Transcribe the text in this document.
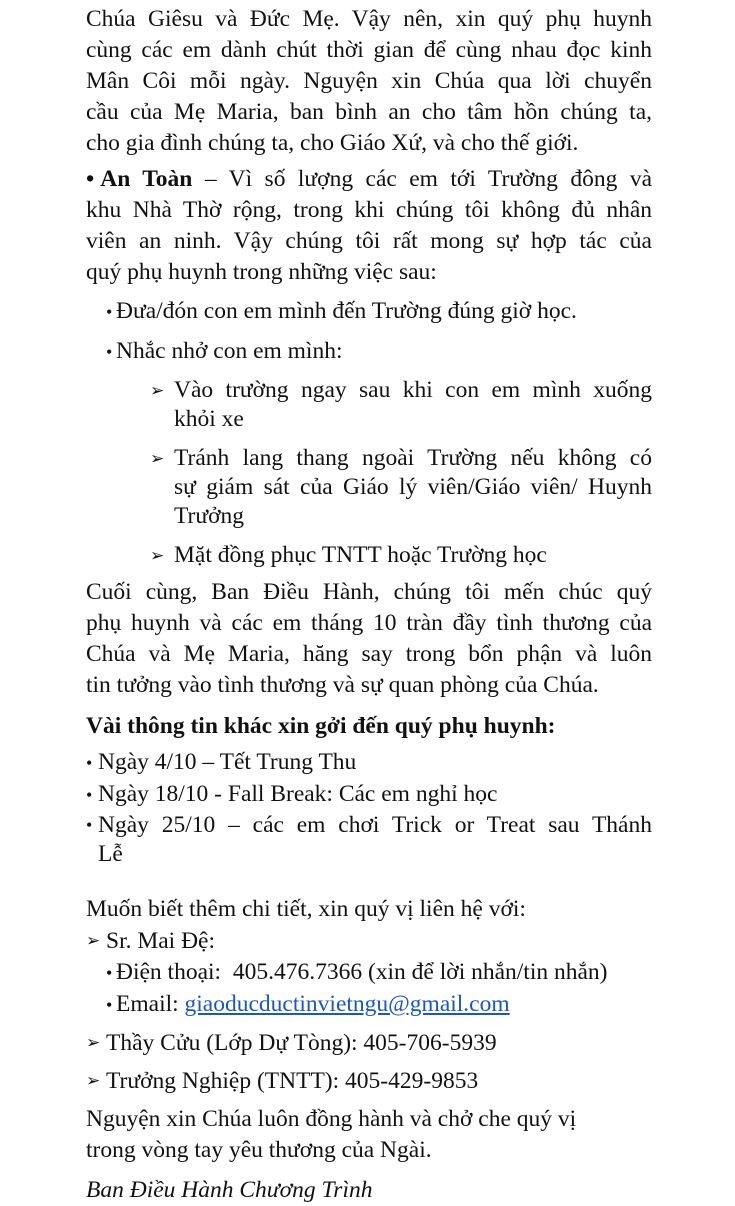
Chúa Giêsu và Đức Mẹ. Vậy nên, xin quý phụ huynh
cùng các em dành chút thời gian để cùng nhau đọc kinh
Mân Côi mỗi ngày. Nguyện xin Chúa qua lời chuyển
cầu của Mẹ Maria, ban bình an cho tâm hồn chúng ta,
cho gia đình chúng ta, cho Giáo Xứ, và cho thế giới.
• An Toàn – Vì số lượng các em tới Trường đông và
khu Nhà Thờ rộng, trong khi chúng tôi không đủ nhân
viên an ninh. Vậy chúng tôi rất mong sự hợp tác của
quý phụ huynh trong những việc sau:
• Đưa/đón con em mình đến Trường đúng giờ học.
• Nhắc nhở con em mình:
➢ Vào trường ngay sau khi con em mình xuống
khỏi xe
➢ Tránh lang thang ngoài Trường nếu không có
sự giám sát của Giáo lý viên/Giáo viên/ Huynh
Trưởng
➢ Mặt đồng phục TNTT hoặc Trường học
Cuối cùng, Ban Điều Hành, chúng tôi mến chúc quý
phụ huynh và các em tháng 10 tràn đầy tình thương của
Chúa và Mẹ Maria, hăng say trong bổn phận và luôn
tin tưởng vào tình thương và sự quan phòng của Chúa.
Vài thông tin khác xin gởi đến quý phụ huynh:
• Ngày 4/10 – Tết Trung Thu
• Ngày 18/10 - Fall Break: Các em nghỉ học
• Ngày 25/10 – các em chơi Trick or Treat sau Thánh
Lễ
Muốn biết thêm chi tiết, xin quý vị liên hệ với:
➢ Sr. Mai Đệ:
• Điện thoại: 405.476.7366 (xin để lời nhắn/tin nhắn)
• Email: giaoducductinvietngu@gmail.com
➢ Thầy Cửu (Lớp Dự Tòng): 405-706-5939
➢ Trưởng Nghiệp (TNTT): 405-429-9853
Nguyện xin Chúa luôn đồng hành và chở che quý vị
trong vòng tay yêu thương của Ngài.
Ban Điều Hành Chương Trình
